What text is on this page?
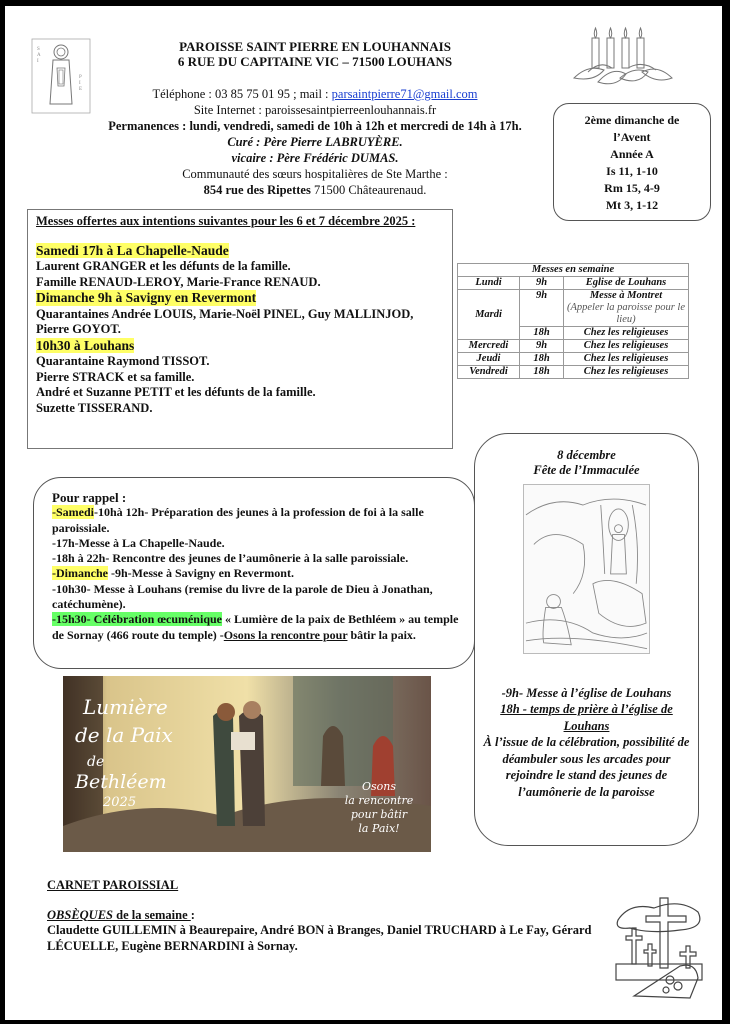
S
A
I
P
I
E
PAROISSE SAINT PIERRE EN LOUHANNAIS
6 RUE DU CAPITAINE VIC – 71500 LOUHANS
Téléphone : 03 85 75 01 95 ; mail : parsaintpierre71@gmail.com
Site Internet : paroissesaintpierreenlouhannais.fr
Permanences : lundi, vendredi, samedi de 10h à 12h et mercredi de 14h à 17h.
Curé : Père Pierre LABRUYÈRE.
vicaire : Père Frédéric DUMAS.
Communauté des sœurs hospitalières de Ste Marthe :
854 rue des Ripettes 71500 Châteaurenaud.
2ème dimanche de
l’Avent
Année A
Is 11, 1-10
Rm 15, 4-9
Mt 3, 1-12
Messes offertes aux intentions suivantes pour les 6 et 7 décembre 2025 :
Samedi 17h à La Chapelle-Naude
Laurent GRANGER et les défunts de la famille.
Famille RENAUD-LEROY, Marie-France RENAUD.
Dimanche 9h à Savigny en Revermont
Quarantaines Andrée LOUIS, Marie-Noël PINEL, Guy MALLINJOD, Pierre GOYOT.
10h30 à Louhans
Quarantaine Raymond TISSOT.
Pierre STRACK et sa famille.
André et Suzanne PETIT et les défunts de la famille.
Suzette TISSERAND.
Messes en semaine		
Lundi	9h	Eglise de Louhans
Mardi	9h	Messe à Montret
(Appeler la paroisse pour le lieu)

	18h	Chez les religieuses
Mercredi	9h	Chez les religieuses
Jeudi	18h	Chez les religieuses
Vendredi	18h	Chez les religieuses
8 décembre
Fête de l’Immaculée
-9h- Messe à l’église de Louhans
18h - temps de prière à l’église de Louhans
À l’issue de la célébration, possibilité de déambuler sous les arcades pour rejoindre le stand des jeunes de l’aumônerie de la paroisse
Pour rappel :
-Samedi-10hà 12h- Préparation des jeunes à la profession de foi à la salle paroissiale.
-17h-Messe à La Chapelle-Naude.
-18h à 22h- Rencontre des jeunes de l’aumônerie à la salle paroissiale.
-Dimanche -9h-Messe à Savigny en Revermont.
-10h30- Messe à Louhans (remise du livre de la parole de Dieu à Jonathan, catéchumène).
-15h30- Célébration œcuménique « Lumière de la paix de Bethléem » au temple de Sornay (466 route du temple) -Osons la rencontre pour bâtir la paix.
Lumière
de la Paix
de
Bethléem
2025
Osons
la rencontre
pour bâtir
la Paix!
CARNET PAROISSIAL
OBSÈQUES de la semaine :
Claudette GUILLEMIN à Beaurepaire, André BON à Branges, Daniel TRUCHARD à Le Fay, Gérard LÉCUELLE, Eugène BERNARDINI à Sornay.
